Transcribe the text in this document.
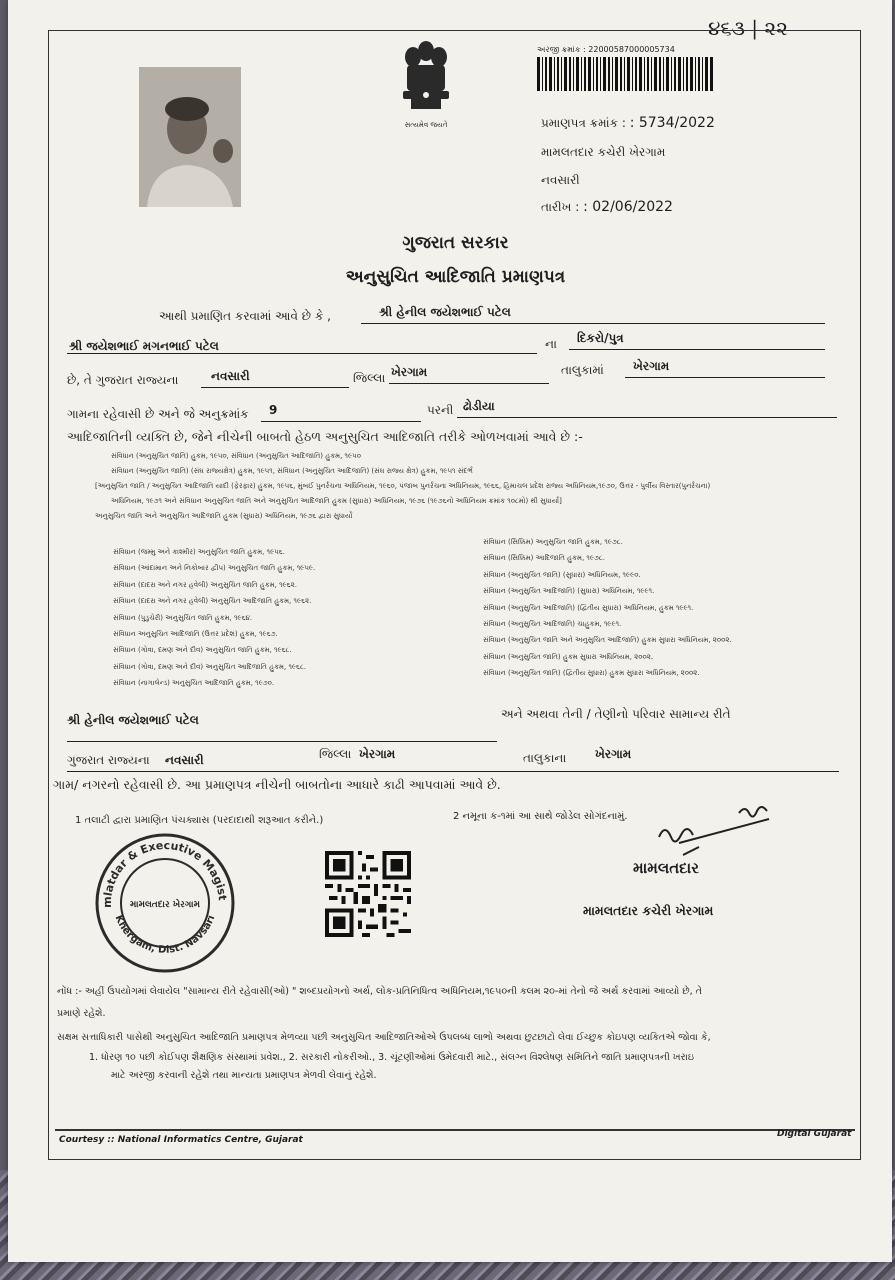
૪૬૩ | ૨૨
સત્યમેવ જયતે
અરજી ક્રમાંક : 22000587000005734
પ્રમાણપત્ર ક્રમાંક : : 5734/2022
મામલતદાર કચેરી ખેરગામ
નવસારી
તારીખ : : 02/06/2022
ગુજરાત સરકાર
અનુસુચિત આદિજાતિ પ્રમાણપત્ર
આથી પ્રમાણિત કરવામાં આવે છે કે ,	શ્રી હેનીલ જયેશભાઈ પટેલ
શ્રી જયેશભાઈ મગનભાઈ પટેલ	ના દિકરો/પુત્ર
છે, તે ગુજરાત રાજ્યના	નવસારી	જિલ્લા ખેરગામ	તાલુકામાં ખેરગામ
ગામના રહેવાસી છે અને જે અનુક્રમાંક 9	પરની ઢોડીયા
આદિજાતિની વ્યક્તિ છે, જેને નીચેની બાબતો હેઠળ અનુસુચિત આદિજાતિ તરીકે ઓળખવામાં આવે છે :-
સંવિધાન (અનુસુચિત જાતિ) હુકમ, ૧૯૫૦, સંવિધાન (અનુસુચિત આદિજાતિ) હુકમ, ૧૯૫૦
સંવિધાન (અનુસુચિત જાતિ) (સંઘ રાજ્યક્ષેત્ર) હુકમ, ૧૯૫૧, સંવિધાન (અનુસુચિત આદિજાતિ) (સંઘ રાજ્ય ક્ષેત્ર) હુકમ, ૧૯૫૧ સંદર્ભ
[અનુસુચિત જાતિ / અનુસુચિત આદિજાતિ યાદી (ફેરફાર) હુકમ, ૧૯૫૬, મુંબઈ પુનર્રચના અધિનિયમ, ૧૯૬૦, પંજાબ પુનર્રચના અધિનિયમ, ૧૯૬૬, હિમાચલ પ્રદેશ રાજ્ય અધિનિયમ,૧૯૭૦, ઉત્તર - પુર્વીય વિસ્તાર(પુનર્રચના)
અધિનિયમ, ૧૯૭૧ અને સંવિધાન અનુસુચિત જાતિ અને અનુસુચિત આદિજાતિ હુકમ (સુધારા) અધિનિયમ, ૧૯૭૬ (૧૯૭૬નો અધિનિયમ ક્રમાંક ૧૦૮મો) થી સુધાર્યા]
અનુસુચિત જાતિ અને અનુસુચિત આદિજાતિ હુકમ (સુધારા) અધિનિયમ, ૧૯૭૬ દ્વારા સુધાર્યો
સંવિધાન (જમ્મુ અને કાશ્મીર) અનુસુચિત જાતિ હુકમ, ૧૯૫૬.
સંવિધાન (આંદામાન અને નિકોબાર દ્વીપ) અનુસુચિત જાતિ હુકમ, ૧૯૫૯.
સંવિધાન (દાદરા અને નગર હવેલી) અનુસુચિત જાતિ હુકમ, ૧૯૬૨.
સંવિધાન (દાદરા અને નગર હવેલી) અનુસુચિત આદિજાતિ હુકમ, ૧૯૬૨.
સંવિધાન (પુડુચેરી) અનુસુચિત જાતિ હુકમ, ૧૯૬૪.
સંવિધાન અનુસુચિત આદિજાતિ (ઉત્તર પ્રદેશ) હુકમ, ૧૯૬૭.
સંવિધાન (ગોવા, દમણ અને દીવ) અનુસુચિત જાતિ હુકમ, ૧૯૬૮.
સંવિધાન (ગોવા, દમણ અને દીવ) અનુસુચિત આદિજાતિ હુકમ, ૧૯૬૮.
સંવિધાન (નાગાલેન્ડ) અનુસુચિત આદિજાતિ હુકમ, ૧૯૭૦.
સંવિધાન (સિક્કિમ) અનુસુચિત જાતિ હુકમ, ૧૯૭૮.
સંવિધાન (સિક્કિમ) આદિજાતિ હુકમ, ૧૯૭૮.
સંવિધાન (અનુસુચિત જાતિ) (સુધારા) અધિનિયમ, ૧૯૯૦.
સંવિધાન (અનુસુચિત આદિજાતિ) (સુધારા) અધિનિયમ, ૧૯૯૧.
સંવિધાન (અનુસુચિત આદિજાતિ) (દ્વિતીય સુધારા) અધિનિયમ, હુકમ ૧૯૯૧.
સંવિધાન (અનુસુચિત આદિજાતિ) ચાહુકમ, ૧૯૯૧.
સંવિધાન (અનુસુચિત જાતિ અને અનુસુચિત આદિજાતિ) હુકમ સુધારા અધિનિયમ, ૨૦૦૨.
સંવિધાન (અનુસુચિત જાતિ) હુકમ સુધારા અધિનિયમ, ૨૦૦૨.
સંવિધાન (અનુસુચિત જાતિ) (દ્વિતીય સુધારા) હુકમ સુધારા અધિનિયમ, ૨૦૦૨.
શ્રી હેનીલ જયેશભાઈ પટેલ	અને અથવા તેની / તેણીનો પરિવાર સામાન્ય રીતે
ગુજરાત રાજ્યના નવસારી	જિલ્લા ખેરગામ	તાલુકાના ખેરગામ
ગામ/ નગરનો રહેવાસી છે. આ પ્રમાણપત્ર નીચેની બાબતોના આધારે કાઢી આપવામાં આવે છે.
1 તલાટી દ્વારા પ્રમાણિત પંચક્યાસ (પરદાદાથી શરૂઆત કરીને.)	2 નમૂના ક-૧માં આ સાથે જોડેલ સોગંદનામું.
mlatdar & Executive Magist
Khergam, Dist. Navsari
મામલતદાર ખેરગામ
મામલતદાર
મામલતદાર કચેરી ખેરગામ
નોંધ :- અહીં ઉપયોગમાં લેવાયેલ "સામાન્ય રીતે રહેવાસી(ઓ) " શબ્દપ્રયોગનો અર્થ, લોક-પ્રતિનિધિત્વ અધિનિયમ,૧૯૫૦ની કલમ ૨૦-માં તેનો જે અર્થ કરવામાં આવ્યો છે, તે
પ્રમાણે રહેશે.
સક્ષમ સત્તાધિકારી પાસેથી અનુસુચિત આદિજાતિ પ્રમાણપત્ર મેળવ્યા પછી અનુસુચિત આદિજાતિઓએ ઉપલબ્ધ લાભો અથવા છુટછાટો લેવા ઈચ્છુક કોઇપણ વ્યકિતએ જોવા કે,
1. ધોરણ ૧૦ પછી કોઈપણ શૈક્ષણિક સંસ્થામાં પ્રવેશ., 2. સરકારી નોકરીઓ., 3. ચૂંટણીઓમાં ઉમેદવારી માટે., સંલગ્ન વિશ્લેષણ સમિતિને જાતિ પ્રમાણપત્રની ખરાઇ
માટે અરજી કરવાની રહેશે તથા માન્યતા પ્રમાણપત્ર મેળવી લેવાનું રહેશે.
Courtesy :: National Informatics Centre, Gujarat
Digital Gujarat
